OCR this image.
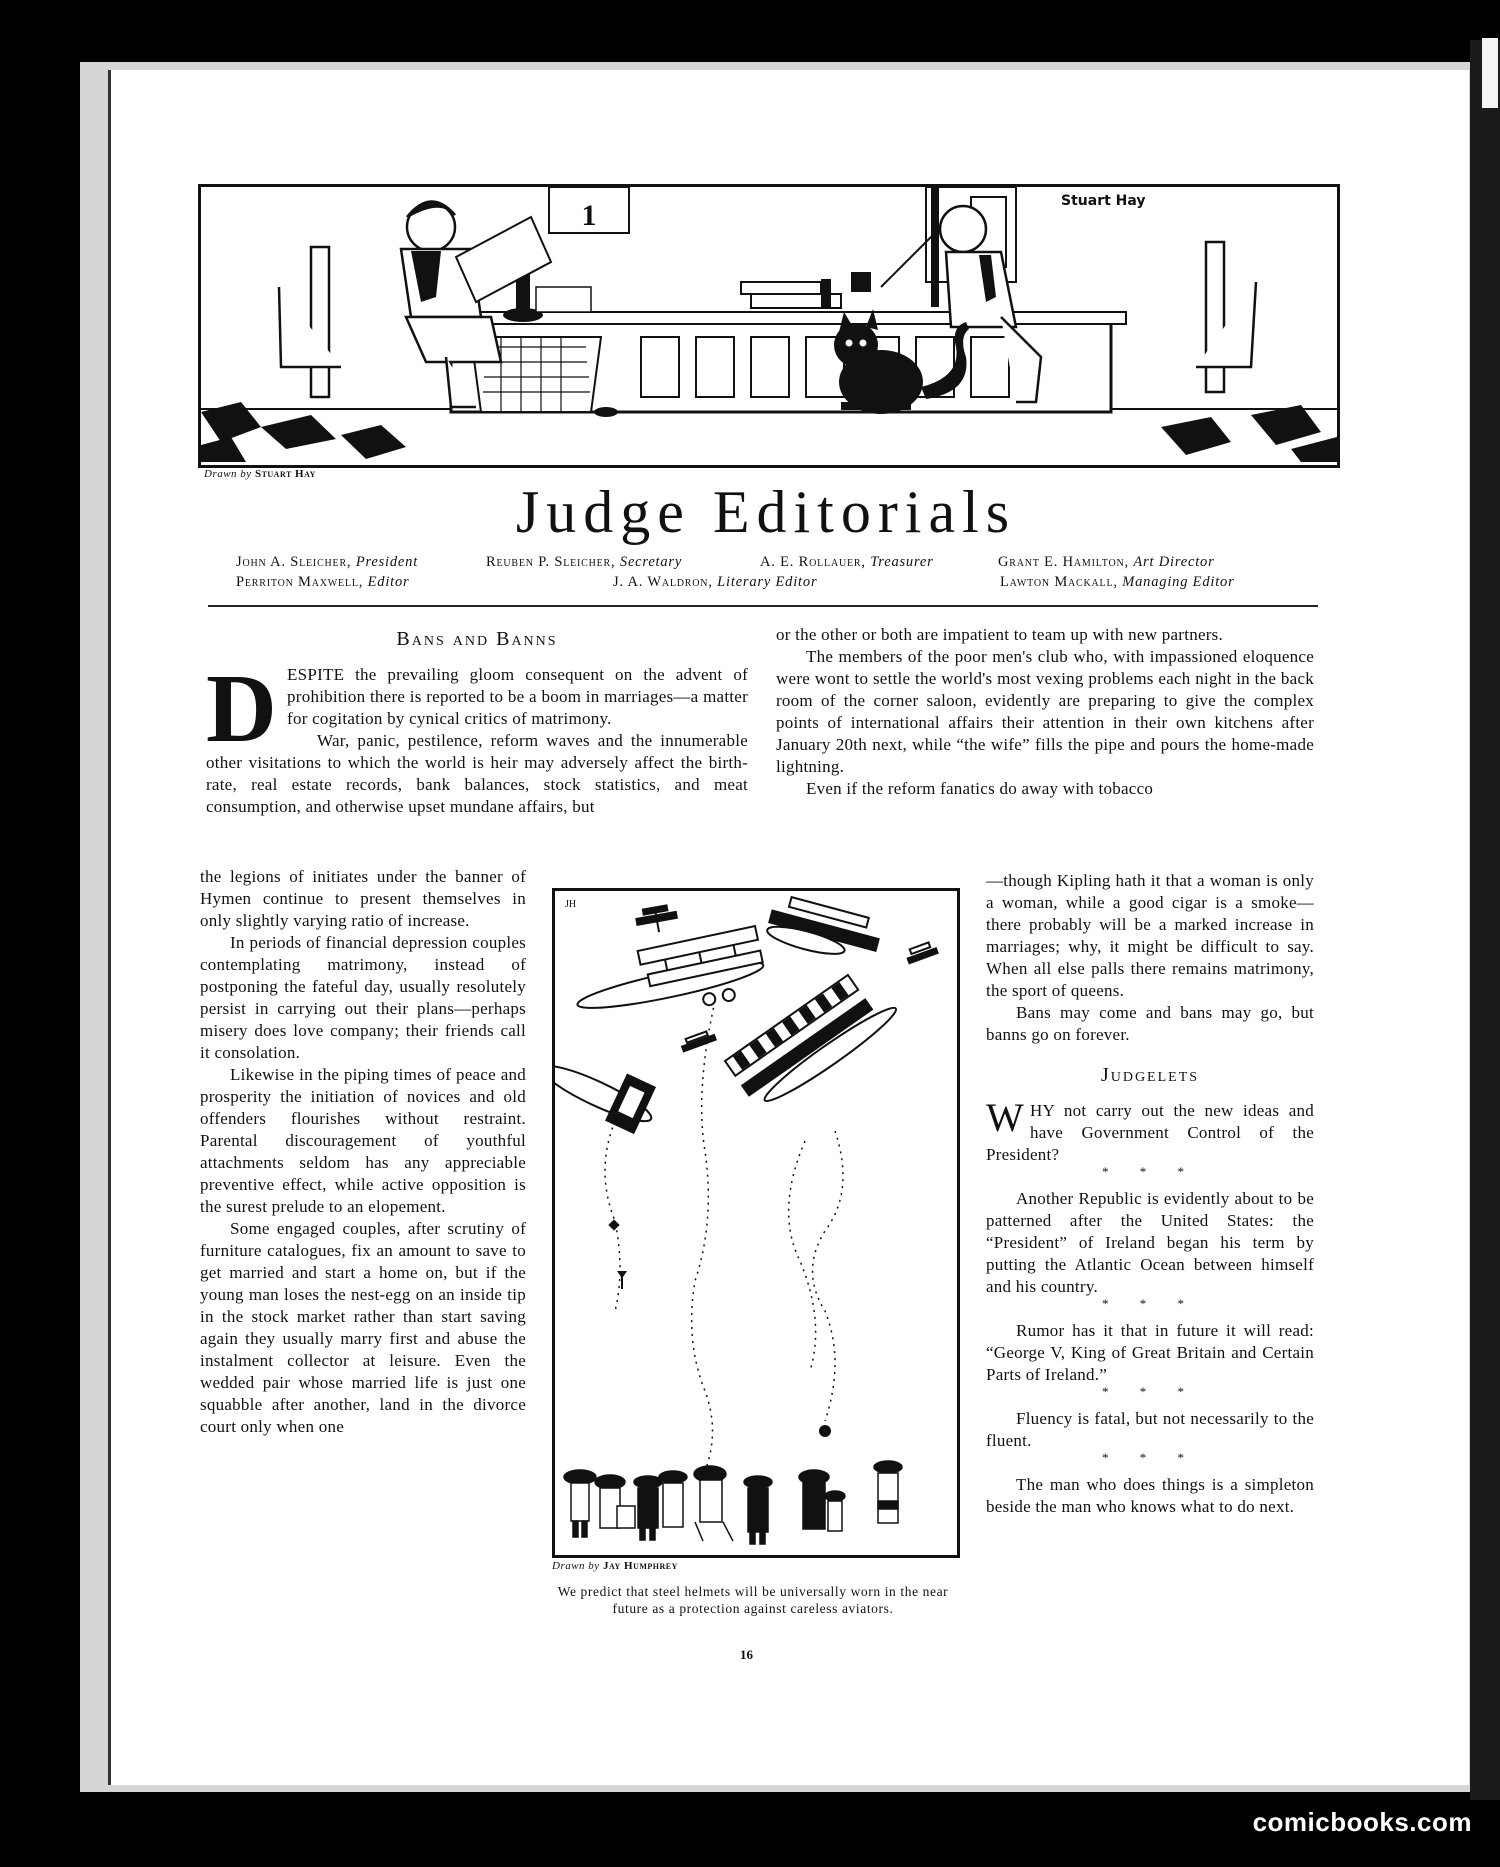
1	Stuart Hay
Drawn by Stuart Hay
Judge Editorials
John A. Sleicher, President	Reuben P. Sleicher, Secretary	A. E. Rollauer, Treasurer	Grant E. Hamilton, Art Director
Perriton Maxwell, Editor	J. A. Waldron, Literary Editor	Lawton Mackall, Managing Editor
Bans and Banns

DESPITE the prevailing gloom consequent on the advent of prohibition there is reported to be a boom in marriages—a matter for cogitation by cynical critics of matrimony.

War, panic, pestilence, reform waves and the innumerable other visitations to which the world is heir may adversely affect the birth-rate, real estate records, bank balances, stock statistics, and meat consumption, and otherwise upset mundane affairs, but

the legions of initiates under the banner of Hymen continue to present themselves in only slightly varying ratio of increase.

In periods of financial depression couples contemplating matrimony, instead of postponing the fateful day, usually resolutely persist in carrying out their plans—perhaps misery does love company; their friends call it consolation.

Likewise in the piping times of peace and prosperity the initiation of novices and old offenders flourishes without restraint. Parental discouragement of youthful attachments seldom has any appreciable preventive effect, while active opposition is the surest prelude to an elopement.

Some engaged couples, after scrutiny of furniture catalogues, fix an amount to save to get married and start a home on, but if the young man loses the nest-egg on an inside tip in the stock market rather than start saving again they usually marry first and abuse the instalment collector at leisure. Even the wedded pair whose married life is just one squabble after another, land in the divorce court only when one

or the other or both are impatient to team up with new partners.

The members of the poor men's club who, with impassioned eloquence were wont to settle the world's most vexing problems each night in the back room of the corner saloon, evidently are preparing to give the complex points of international affairs their attention in their own kitchens after January 20th next, while “the wife” fills the pipe and pours the home-made lightning.

Even if the reform fanatics do away with tobacco

—though Kipling hath it that a woman is only a woman, while a good cigar is a smoke—there probably will be a marked increase in marriages; why, it might be difficult to say. When all else palls there remains matrimony, the sport of queens.

Bans may come and bans may go, but banns go on forever.

Judgelets

WHY not carry out the new ideas and have Government Control of the President?

* * *

Another Republic is evidently about to be patterned after the United States: the “President” of Ireland began his term by putting the Atlantic Ocean between himself and his country.

* * *

Rumor has it that in future it will read: “George V, King of Great Britain and Certain Parts of Ireland.”

* * *

Fluency is fatal, but not necessarily to the fluent.

* * *

The man who does things is a simpleton beside the man who knows what to do next.

JH
Drawn by Jay Humphrey
We predict that steel helmets will be universally worn in the near future as a protection against careless aviators.
16
comicbooks.com
